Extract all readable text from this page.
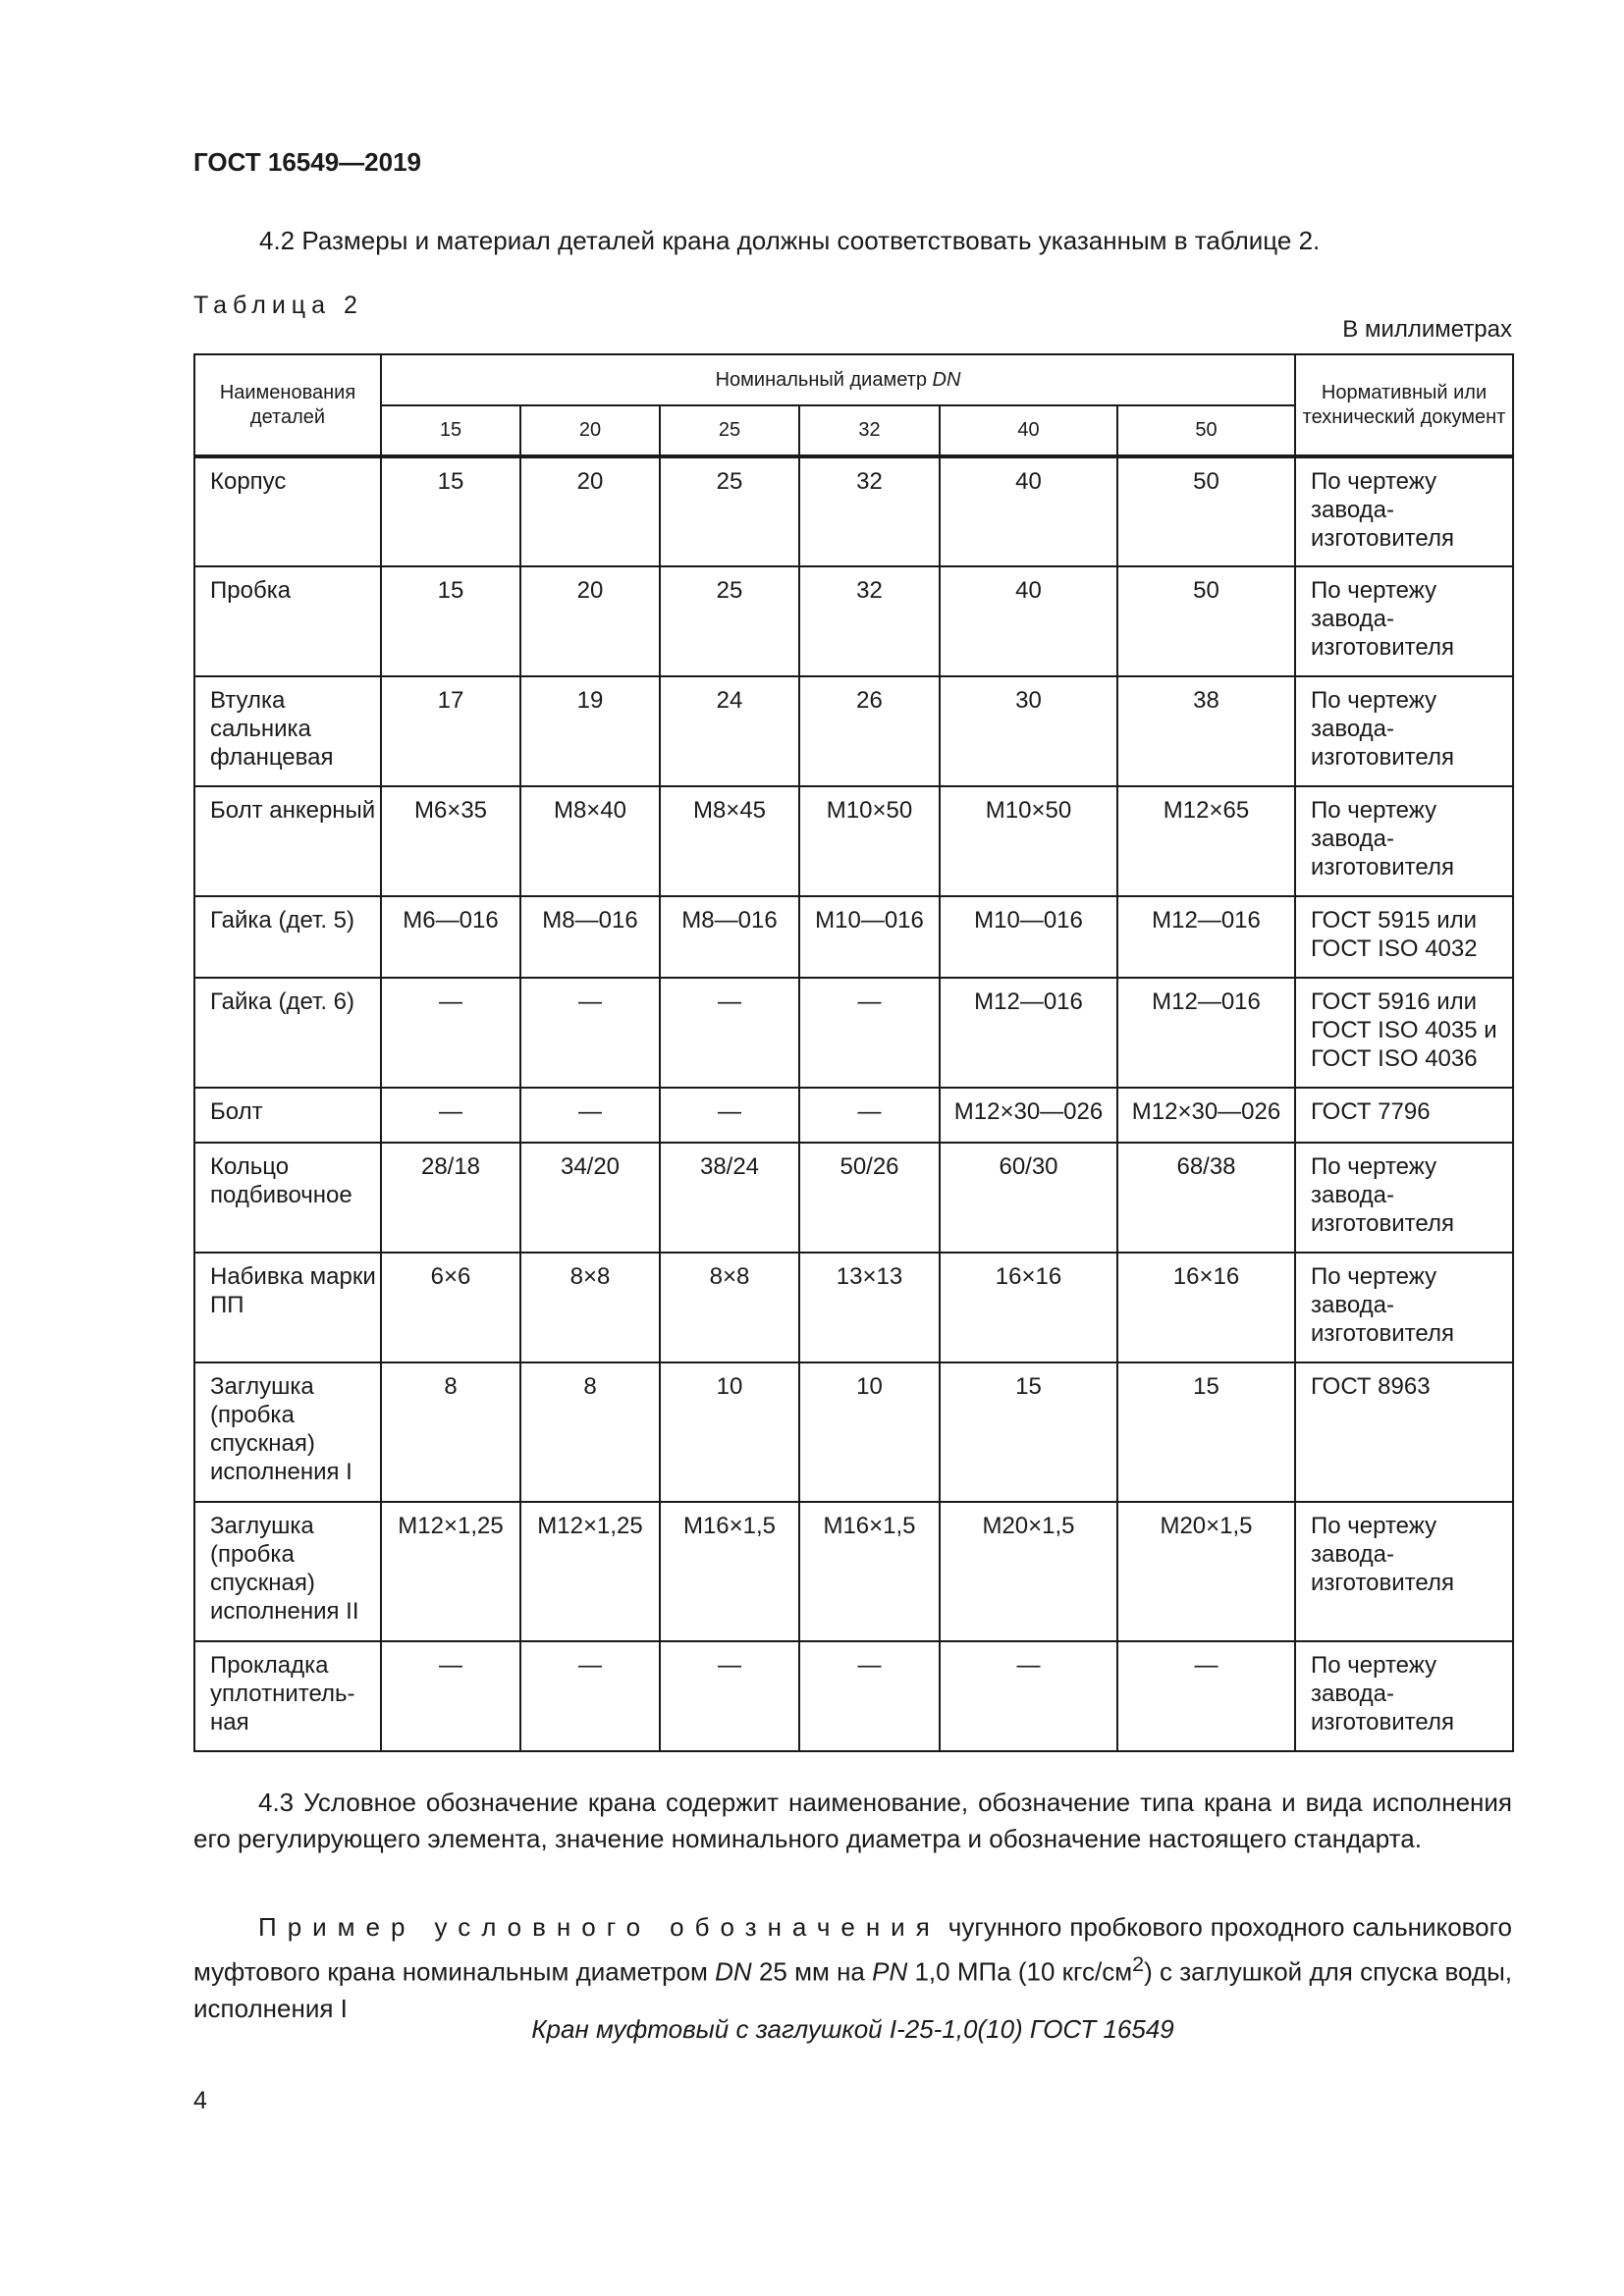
ГОСТ 16549—2019
4.2 Размеры и материал деталей крана должны соответствовать указанным в таблице 2.
Таблица 2
В миллиметрах
Наименования деталей	Номинальный диаметр DN						Нормативный или технический документ
	15	20	25	32	40	50	
Корпус	15	20	25	32	40	50	По чертежу завода-изготовителя
Пробка	15	20	25	32	40	50	По чертежу завода-изготовителя
Втулка сальника фланцевая	17	19	24	26	30	38	По чертежу завода-изготовителя
Болт анкерный	М6×35	М8×40	М8×45	М10×50	М10×50	М12×65	По чертежу завода-изготовителя
Гайка (дет. 5)	М6—016	М8—016	М8—016	М10—016	М10—016	М12—016	ГОСТ 5915 или ГОСТ ISO 4032
Гайка (дет. 6)	—	—	—	—	М12—016	М12—016	ГОСТ 5916 или ГОСТ ISO 4035 и ГОСТ ISO 4036
Болт	—	—	—	—	М12×30—026	М12×30—026	ГОСТ 7796
Кольцо подбивочное	28/18	34/20	38/24	50/26	60/30	68/38	По чертежу завода-изготовителя
Набивка марки ПП	6×6	8×8	8×8	13×13	16×16	16×16	По чертежу завода-изготовителя
Заглушка (пробка спускная) исполнения I	8	8	10	10	15	15	ГОСТ 8963
Заглушка (пробка спускная) исполнения II	М12×1,25	М12×1,25	М16×1,5	М16×1,5	М20×1,5	М20×1,5	По чертежу завода-изготовителя
Прокладка уплотнитель-ная	—	—	—	—	—	—	По чертежу завода-изготовителя
4.3 Условное обозначение крана содержит наименование, обозначение типа крана и вида исполнения его регулирующего элемента, значение номинального диаметра и обозначение настоящего стандарта.
Пример условного обозначения чугунного пробкового проходного сальникового муфтового крана номинальным диаметром DN 25 мм на PN 1,0 МПа (10 кгс/$см^2$) с заглушкой для спуска воды, исполнения I
Кран муфтовый с заглушкой I-25-1,0(10) ГОСТ 16549
4
